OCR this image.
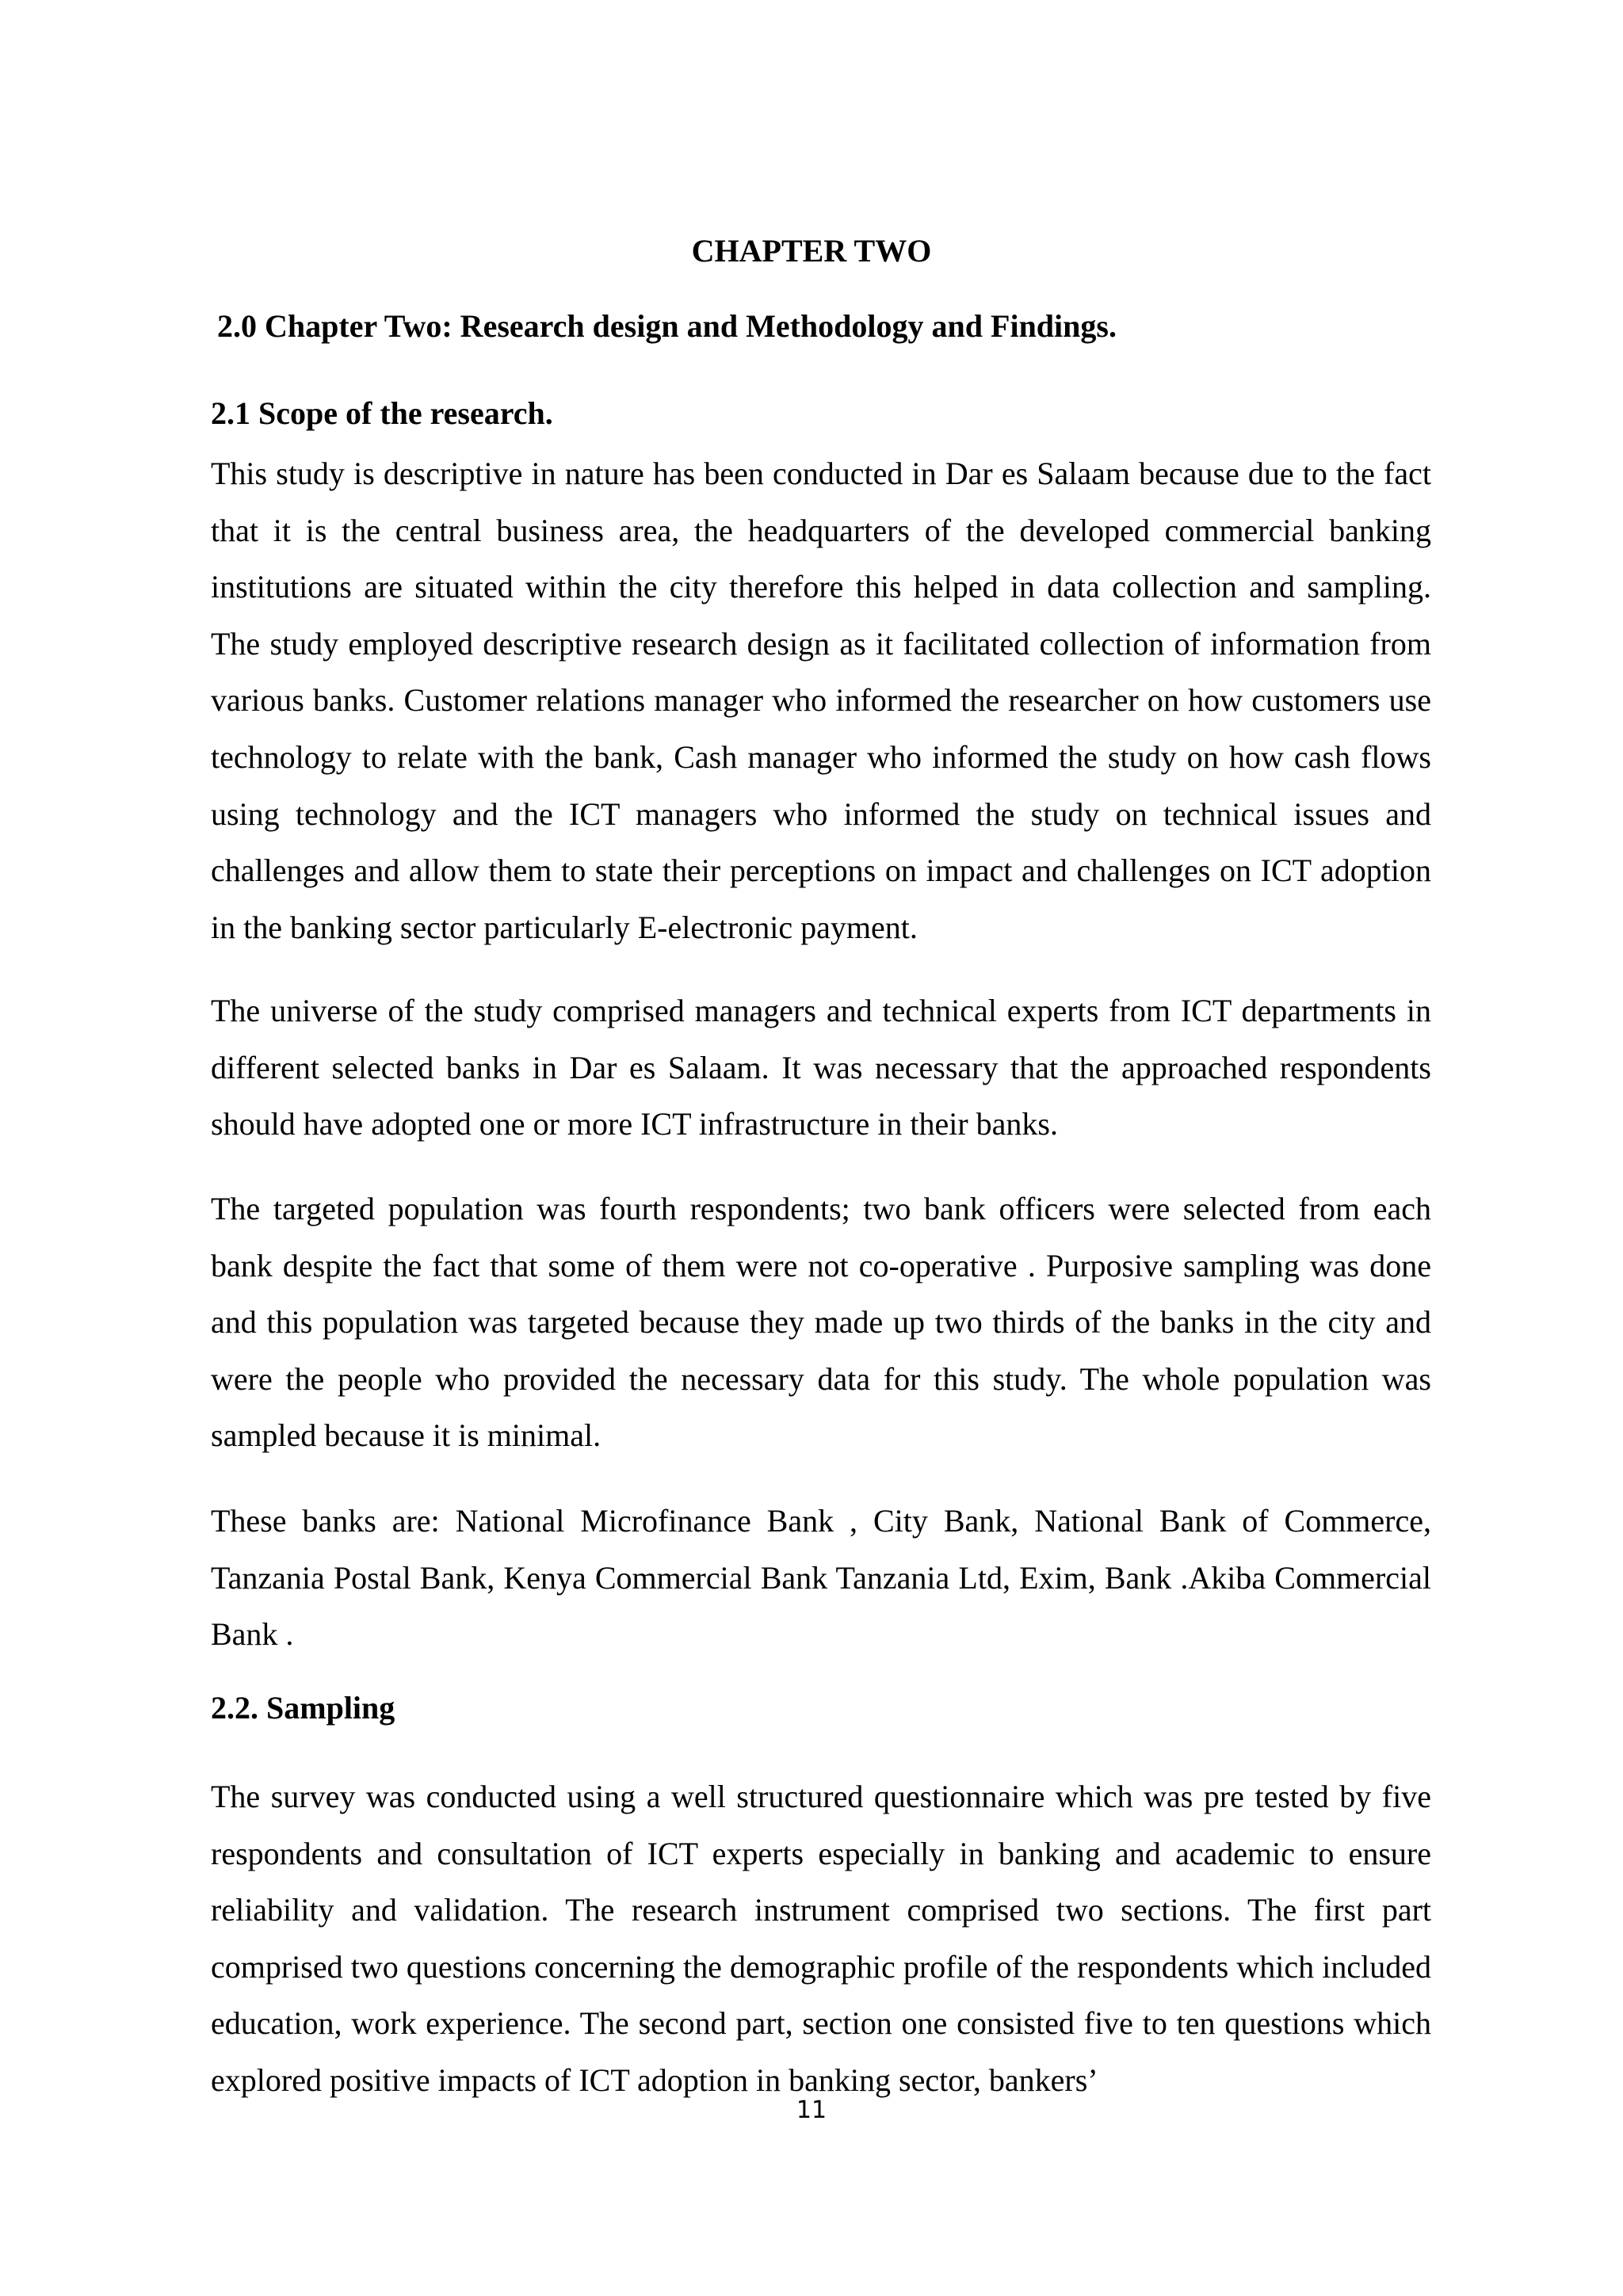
CHAPTER TWO
2.0 Chapter Two: Research design and Methodology and Findings.
2.1 Scope of the research.

This study is descriptive in nature has been conducted in Dar es Salaam because due to the fact that it is the central business area, the headquarters of the developed commercial banking institutions are situated within the city therefore this helped in data collection and sampling. The study employed descriptive research design as it facilitated collection of information from various banks. Customer relations manager who informed the researcher on how customers use technology to relate with the bank, Cash manager who informed the study on how cash flows using technology and the ICT managers who informed the study on technical issues and challenges and allow them to state their perceptions on impact and challenges on ICT adoption in the banking sector particularly E-electronic payment.

The universe of the study comprised managers and technical experts from ICT departments in different selected banks in Dar es Salaam. It was necessary that the approached respondents should have adopted one or more ICT infrastructure in their banks.

The targeted population was fourth respondents; two bank officers were selected from each bank despite the fact that some of them were not co-operative . Purposive sampling was done and this population was targeted because they made up two thirds of the banks in the city and were the people who provided the necessary data for this study. The whole population was sampled because it is minimal.

These banks are: National Microfinance Bank , City Bank, National Bank of Commerce, Tanzania Postal Bank, Kenya Commercial Bank Tanzania Ltd, Exim, Bank .Akiba Commercial Bank .

2.2. Sampling

The survey was conducted using a well structured questionnaire which was pre tested by five respondents and consultation of ICT experts especially in banking and academic to ensure reliability and validation. The research instrument comprised two sections. The first part comprised two questions concerning the demographic profile of the respondents which included education, work experience. The second part, section one consisted five to ten questions which explored positive impacts of ICT adoption in banking sector, bankers’

11
